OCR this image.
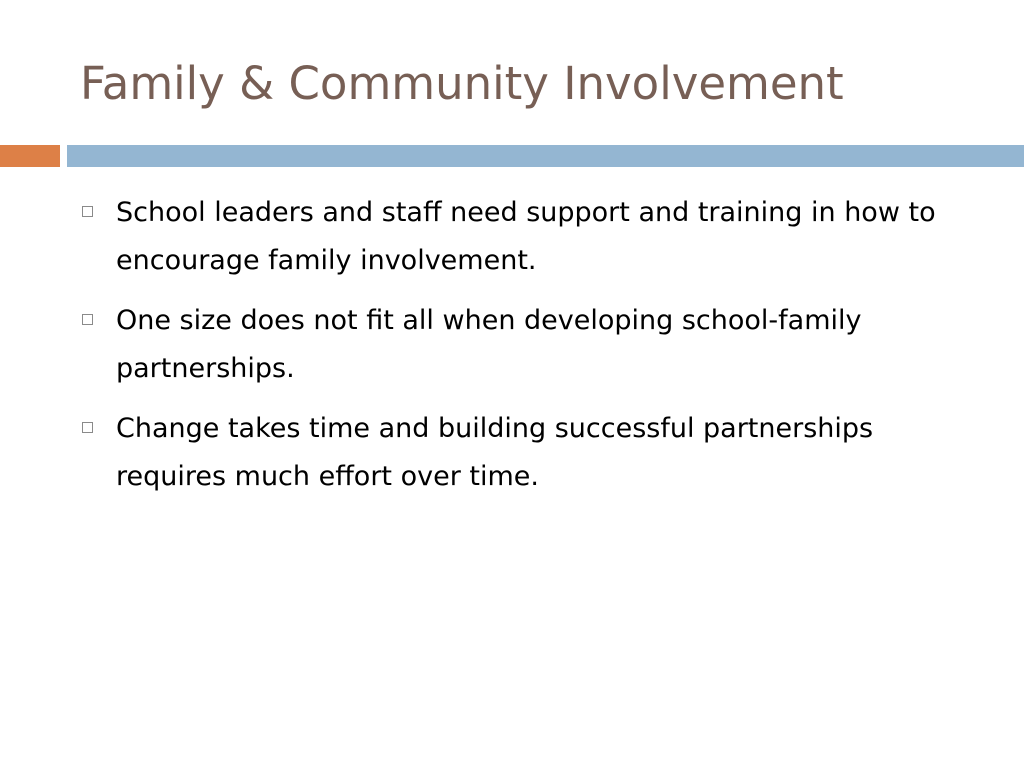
Family & Community Involvement
School leaders and staff need support and training in how to encourage family involvement.
One size does not fit all when developing school-family partnerships.
Change takes time and building successful partnerships requires much effort over time.
